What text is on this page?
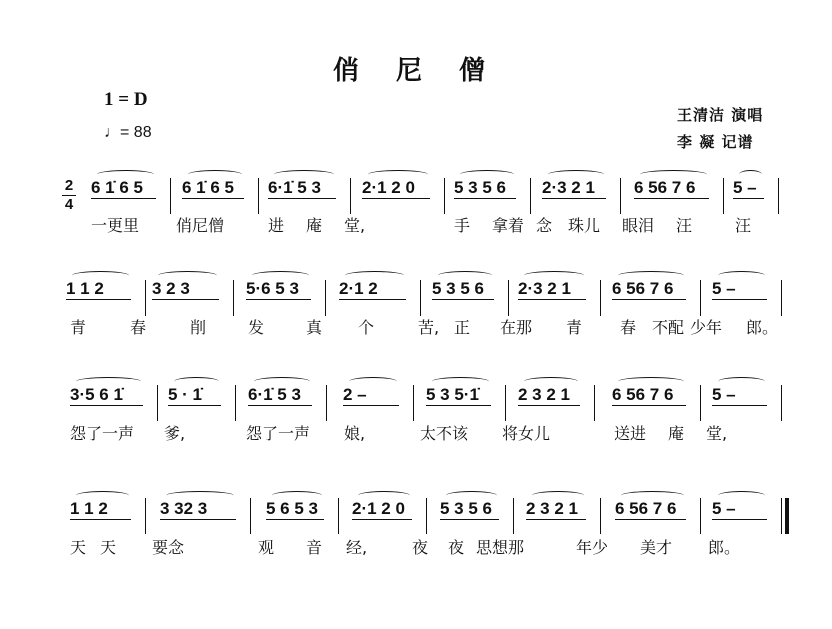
俏 尼 僧
1 = D
♩= 88
王清洁 演唱
李 凝 记谱
2
4
6 1̇ 6 5 6 1̇ 6 5 6·1̇ 5 3 2·1 2 0 5 3 5 6 2·3 2 1 6 56 7 6 5 –
一更里 俏尼僧	进 庵 堂,	手 拿着 念 珠儿 眼泪 汪	汪
1 1 2	3 2 3	5·6 5 3 2·1 2	5 3 5 6 2·3 2 1 6 56 7 6 5 –
青	春	削	发	真 个	苦, 正 在那 青 春 不配 少年 郎。
3·5 6 1̇	5 · 1̇	6·1̇ 5 3 2 –	5 3 5·1̇ 2 3 2 1 6 56 7 6 5 –
怨了一声 爹,	怨了一声 娘,	太不该 将女儿	送进 庵 堂,
1 1 2	3 32 3	5 6 5 3 2·1 2 0 5 3 5 6 2 3 2 1 6 56 7 6 5 –
天 天 要念	观 音 经,	夜 夜 思想那	年少 美才 郎。
